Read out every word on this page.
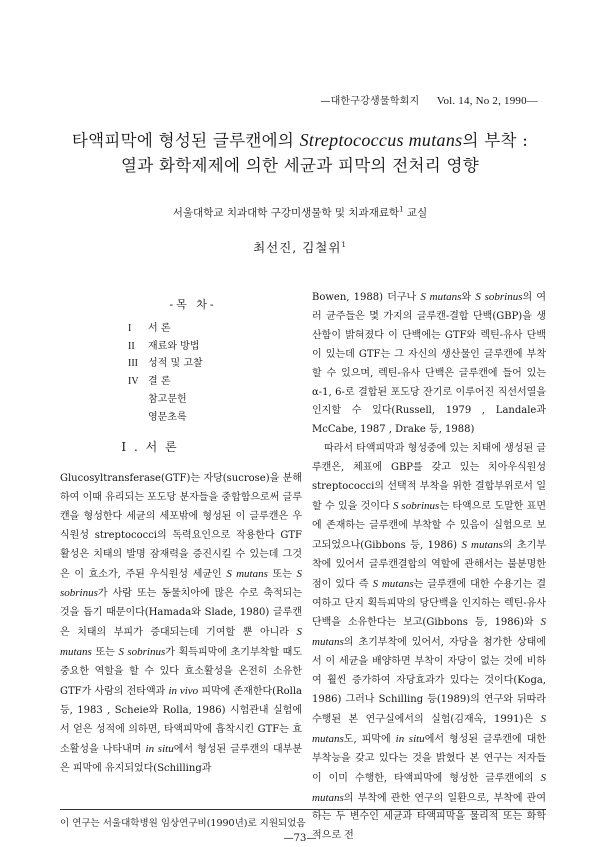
—대한구강생물학회지 Vol. 14, No 2, 1990—
타액피막에 형성된 글루캔에의 Streptococcus mutans의 부착 :
열과 화학제제에 의한 세균과 피막의 전처리 영향
서울대학교 치과대학 구강미생물학 및 치과재료학$^1$ 교실
최선진, 김철위$^1$
-목 차-
I	서 론
II	재료와 방법
III	성적 및 고찰
IV 결 론
참고문헌
영문초록
I . 서 론

Glucosyltransferase(GTF)는 자당(sucrose)을 분해하여 이때 유리되는 포도당 분자들을 중합함으로써 글루캔을 형성한다 세균의 세포밖에 형성된 이 글루캔은 우식원성 streptococci의 독력요인으로 작용한다 GTF 활성은 치태의 발명 잠재력을 증진시킬 수 있는데 그것은 이 효소가, 주된 우식원성 세균인 S mutans 또는 S sobrinus가 사람 또는 동물치아에 많은 수로 축적되는 것을 돕기 때문이다(Hamada와 Slade, 1980) 글루캔은 치태의 부피가 증대되는데 기여할 뿐 아니라 S mutans 또는 S sobrinus가 획득피막에 초기부착할 때도 중요한 역할을 할 수 있다 효소활성을 온전히 소유한 GTF가 사람의 전타액과 in vivo 피막에 존재한다(Rolla 등, 1983 , Scheie와 Rolla, 1986) 시험관내 실험에서 얻은 성적에 의하면, 타액피막에 흡착시킨 GTF는 효소활성을 나타내며 in situ에서 형성된 글루캔의 대부분은 피막에 유지되었다(Schilling과

Bowen, 1988) 더구나 S mutans와 S sobrinus의 여러 균주들은 몇 가지의 글루캔-결합 단백(GBP)을 생산함이 밝혀졌다 이 단백에는 GTF와 렉틴-유사 단백이 있는데 GTF는 그 자신의 생산물인 글루캔에 부착할 수 있으며, 렉틴-유사 단백은 글루캔에 들어 있는 α-1, 6-로 결합된 포도당 잔기로 이루어진 직선서열을 인지할 수 있다(Russell, 1979 , Landale과 McCabe, 1987 , Drake 등, 1988)

따라서 타액피막과 형성중에 있는 치태에 생성된 글루캔은, 체표에 GBP를 갖고 있는 치아우식원성 streptococci의 선택적 부착을 위한 결합부위로서 일할 수 있을 것이다 S sobrinus는 타액으로 도말한 표면에 존재하는 글루캔에 부착할 수 있음이 실험으로 보고되었으나(Gibbons 등, 1986) S mutans의 초기부착에 있어서 글루캔결합의 역할에 관해서는 불분명한 점이 있다 즉 S mutans는 글루캔에 대한 수용기는 결여하고 단지 획득피막의 당단백을 인지하는 렉틴-유사 단백을 소유한다는 보고(Gibbons 등, 1986)와 S mutans의 초기부착에 있어서, 자당을 첨가한 상태에서 이 세균을 배양하면 부착이 자당이 없는 것에 비하여 훨씬 증가하여 자당효과가 있다는 것이다(Koga, 1986) 그러나 Schilling 등(1989)의 연구와 뒤따라 수행된 본 연구실에서의 실험(김재옥, 1991)은 S mutans도, 피막에 in situ에서 형성된 글루캔에 대한 부착능을 갖고 있다는 것을 밝혔다 본 연구는 저자들이 이미 수행한, 타액피막에 형성한 글루캔에의 S mutans의 부착에 관한 연구의 일환으로, 부착에 관여하는 두 변수인 세균과 타액피막을 물리적 또는 화학적으로 전

이 연구는 서울대학병원 임상연구비(1990년)로 지원되었음
—73—
